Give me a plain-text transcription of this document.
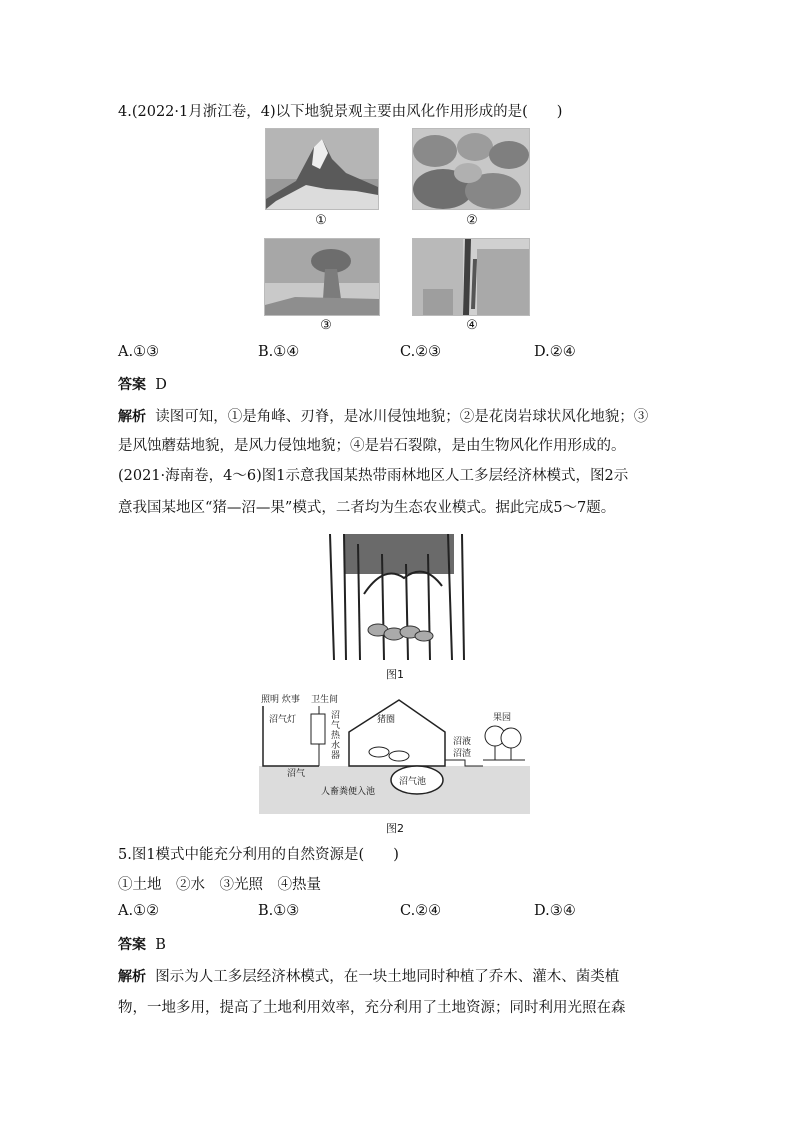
4.(2022·1月浙江卷，4)以下地貌景观主要由风化作用形成的是(　　)
①	②
③	④
A.①③	B.①④	C.②③	D.②④
答案 D
解析 读图可知，①是角峰、刃脊，是冰川侵蚀地貌；②是花岗岩球状风化地貌；③
是风蚀蘑菇地貌，是风力侵蚀地貌；④是岩石裂隙，是由生物风化作用形成的。
(2021·海南卷，4～6)图1示意我国某热带雨林地区人工多层经济林模式，图2示
意我国某地区“猪—沼—果”模式，二者均为生态农业模式。据此完成5～7题。
图1
照明 炊事 卫生间
沼气灯	沼
气
热
水
器
猪圈
沼液
沼渣
果园
沼气
沼气池
人畜粪便入池
图2
5.图1模式中能充分利用的自然资源是(　　)
①土地　②水　③光照　④热量
A.①②	B.①③	C.②④	D.③④
答案 B
解析 图示为人工多层经济林模式，在一块土地同时种植了乔木、灌木、菌类植
物，一地多用，提高了土地利用效率，充分利用了土地资源；同时利用光照在森
